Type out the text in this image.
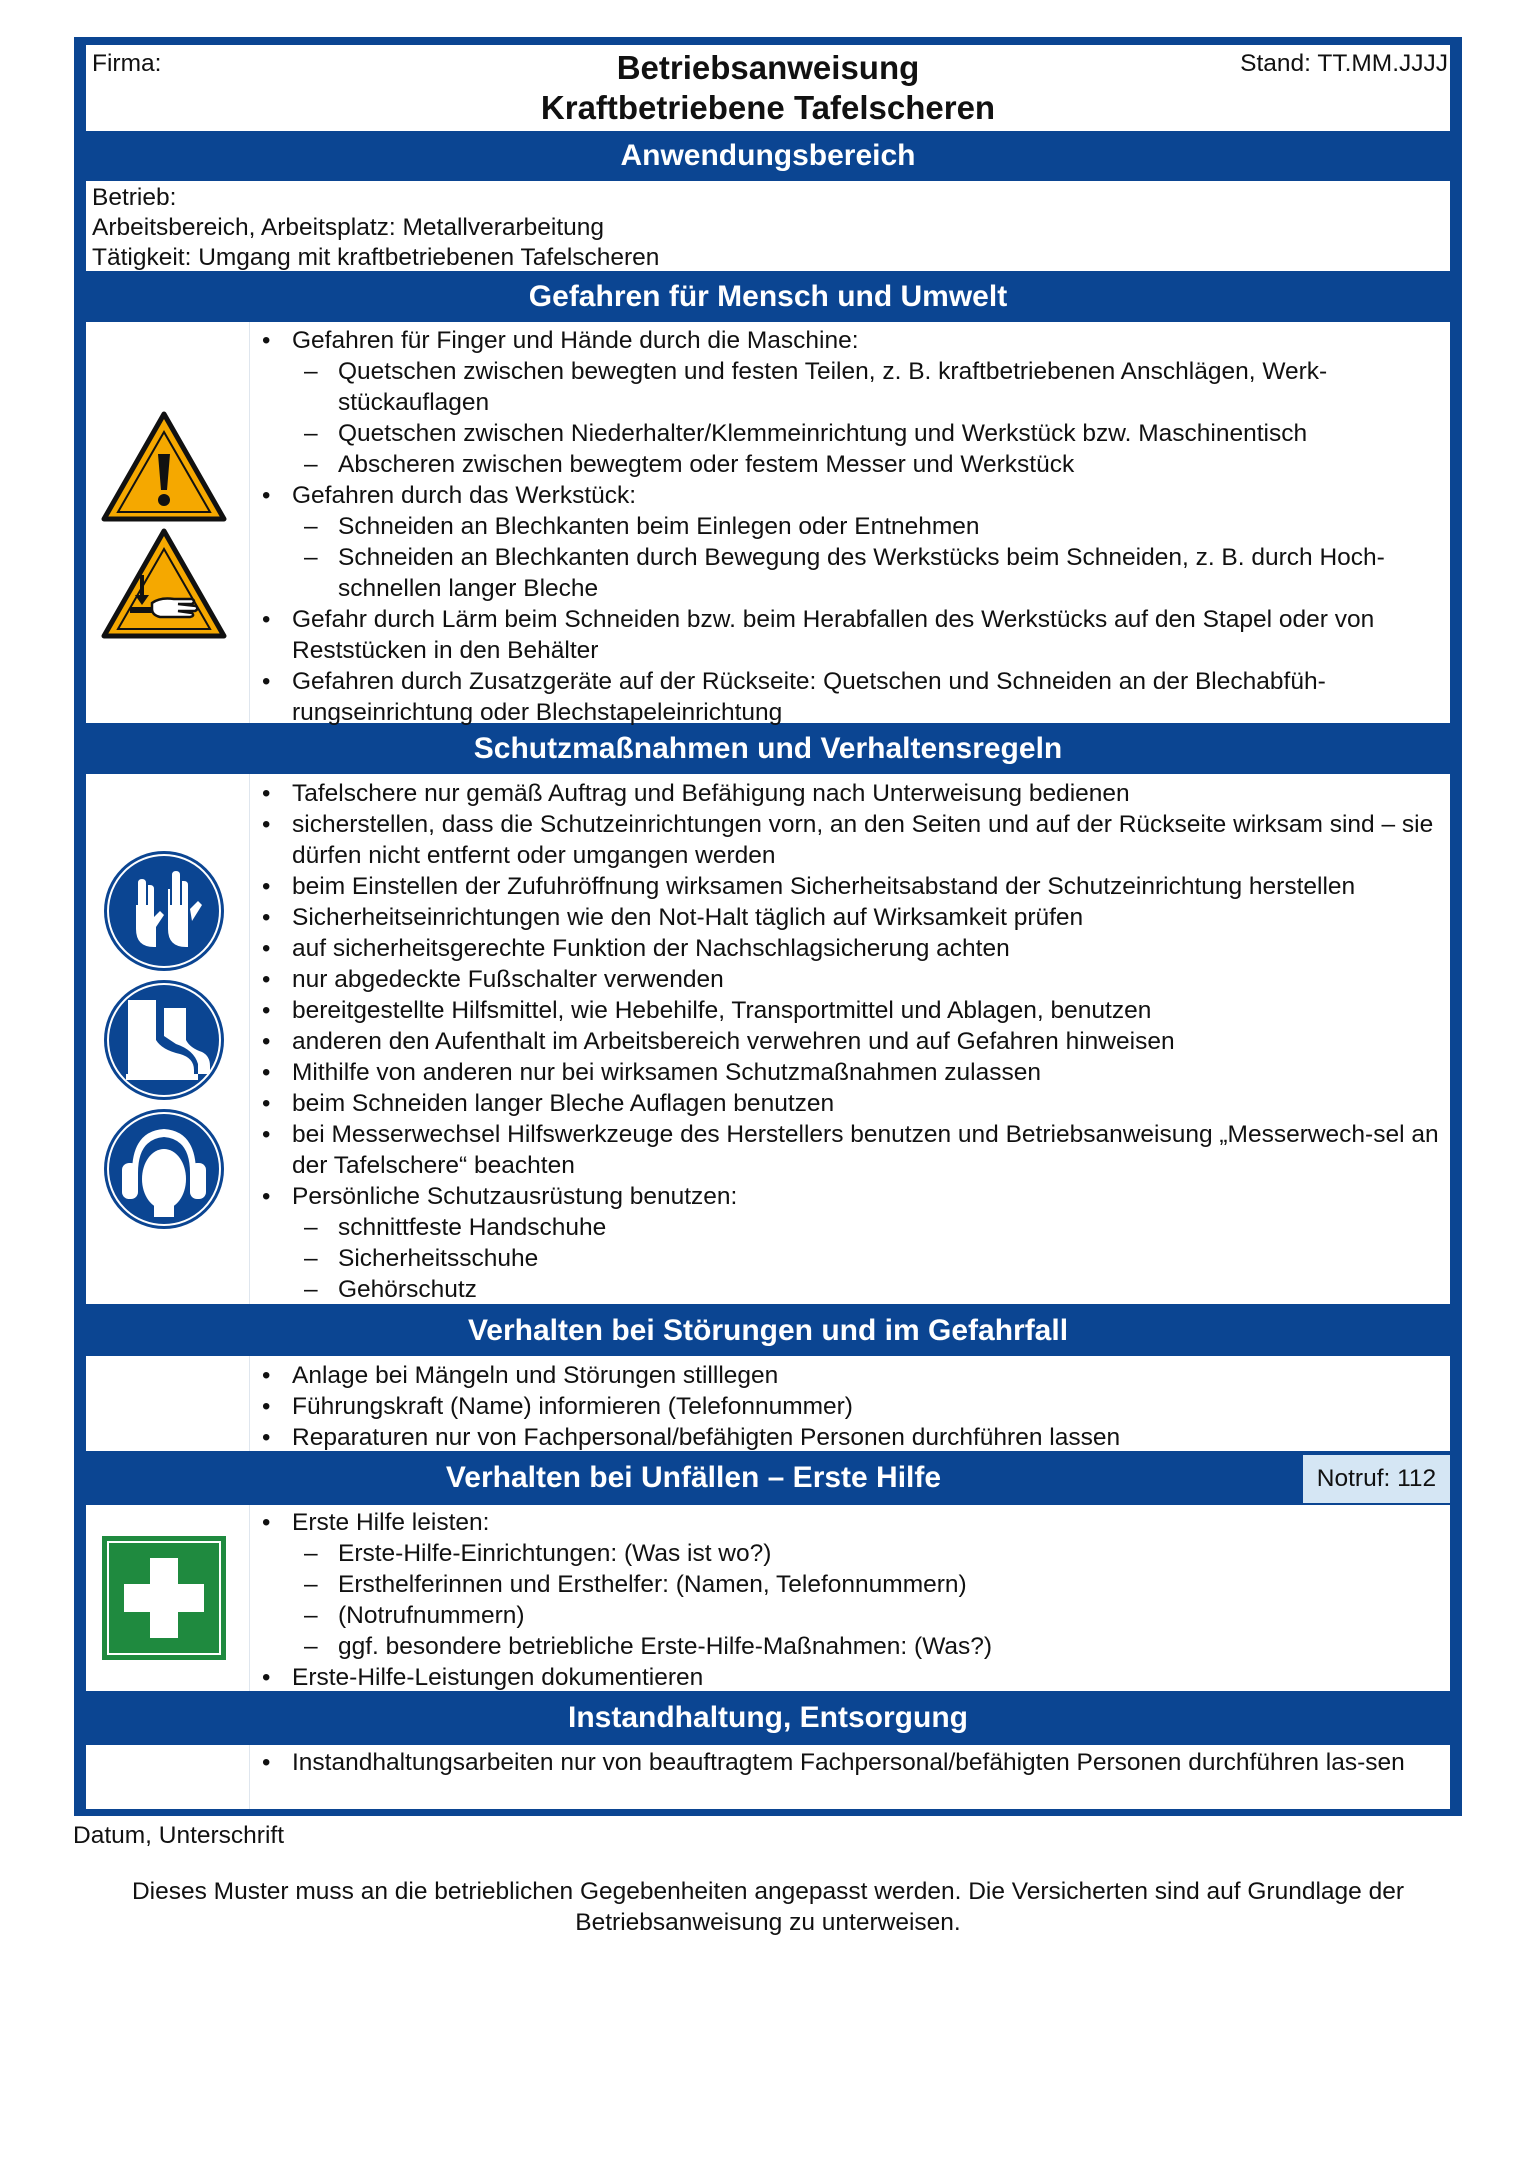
Firma:	Betriebsanweisung
Kraftbetriebene Tafelscheren
Stand: TT.MM.JJJJ
Anwendungsbereich
Betrieb:
Arbeitsbereich, Arbeitsplatz: Metallverarbeitung
Tätigkeit: Umgang mit kraftbetriebenen Tafelscheren
Gefahren für Mensch und Umwelt
• Gefahren für Finger und Hände durch die Maschine:
– Quetschen zwischen bewegten und festen Teilen, z. B. kraftbetriebenen Anschlägen, Werk-stückauflagen
– Quetschen zwischen Niederhalter/Klemmeinrichtung und Werkstück bzw. Maschinentisch
– Abscheren zwischen bewegtem oder festem Messer und Werkstück
• Gefahren durch das Werkstück:
– Schneiden an Blechkanten beim Einlegen oder Entnehmen
– Schneiden an Blechkanten durch Bewegung des Werkstücks beim Schneiden, z. B. durch Hoch-schnellen langer Bleche
• Gefahr durch Lärm beim Schneiden bzw. beim Herabfallen des Werkstücks auf den Stapel oder von Reststücken in den Behälter
• Gefahren durch Zusatzgeräte auf der Rückseite: Quetschen und Schneiden an der Blechabfüh-rungseinrichtung oder Blechstapeleinrichtung
Schutzmaßnahmen und Verhaltensregeln
• Tafelschere nur gemäß Auftrag und Befähigung nach Unterweisung bedienen
• sicherstellen, dass die Schutzeinrichtungen vorn, an den Seiten und auf der Rückseite wirksam sind – sie dürfen nicht entfernt oder umgangen werden
• beim Einstellen der Zufuhröffnung wirksamen Sicherheitsabstand der Schutzeinrichtung herstellen
• Sicherheitseinrichtungen wie den Not-Halt täglich auf Wirksamkeit prüfen
• auf sicherheitsgerechte Funktion der Nachschlagsicherung achten
• nur abgedeckte Fußschalter verwenden
• bereitgestellte Hilfsmittel, wie Hebehilfe, Transportmittel und Ablagen, benutzen
• anderen den Aufenthalt im Arbeitsbereich verwehren und auf Gefahren hinweisen
• Mithilfe von anderen nur bei wirksamen Schutzmaßnahmen zulassen
• beim Schneiden langer Bleche Auflagen benutzen
• bei Messerwechsel Hilfswerkzeuge des Herstellers benutzen und Betriebsanweisung „Messerwech-sel an der Tafelschere“ beachten
• Persönliche Schutzausrüstung benutzen:
– schnittfeste Handschuhe
– Sicherheitsschuhe
– Gehörschutz
Verhalten bei Störungen und im Gefahrfall
• Anlage bei Mängeln und Störungen stilllegen
• Führungskraft (Name) informieren (Telefonnummer)
• Reparaturen nur von Fachpersonal/befähigten Personen durchführen lassen
Verhalten bei Unfällen – Erste Hilfe	Notruf: 112
• Erste Hilfe leisten:
– Erste-Hilfe-Einrichtungen: (Was ist wo?)
– Ersthelferinnen und Ersthelfer: (Namen, Telefonnummern)
– (Notrufnummern)
– ggf. besondere betriebliche Erste-Hilfe-Maßnahmen: (Was?)
• Erste-Hilfe-Leistungen dokumentieren
Instandhaltung, Entsorgung
• Instandhaltungsarbeiten nur von beauftragtem Fachpersonal/befähigten Personen durchführen las-sen
Datum, Unterschrift
Dieses Muster muss an die betrieblichen Gegebenheiten angepasst werden. Die Versicherten sind auf Grundlage der Betriebsanweisung zu unterweisen.
